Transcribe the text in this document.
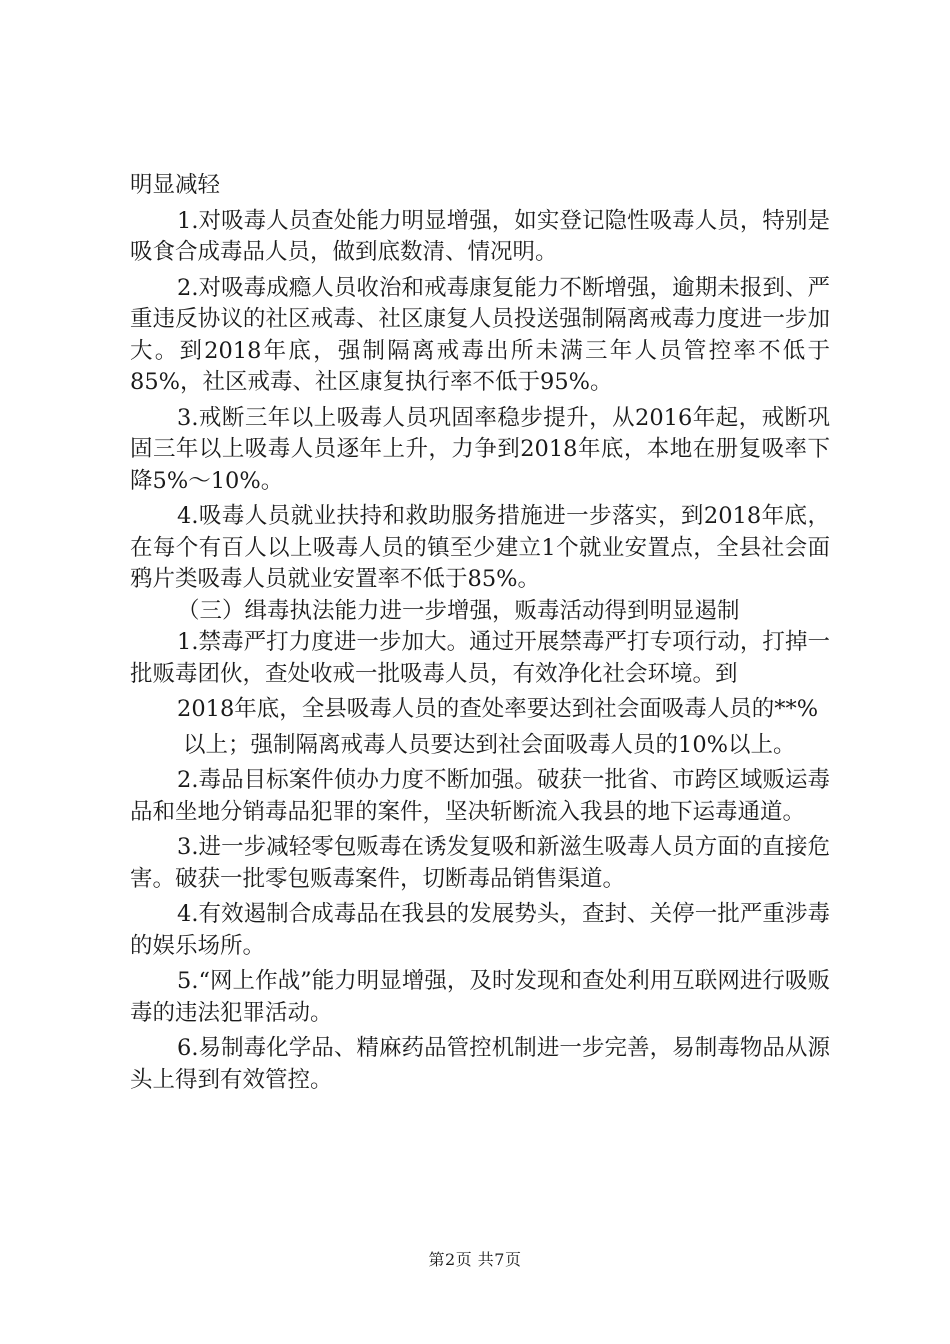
明显减轻

1.对吸毒人员查处能力明显增强，如实登记隐性吸毒人员，特别是吸食合成毒品人员，做到底数清、情况明。

2.对吸毒成瘾人员收治和戒毒康复能力不断增强，逾期未报到、严重违反协议的社区戒毒、社区康复人员投送强制隔离戒毒力度进一步加大。到2018年底，强制隔离戒毒出所未满三年人员管控率不低于85%，社区戒毒、社区康复执行率不低于95%。

3.戒断三年以上吸毒人员巩固率稳步提升，从2016年起，戒断巩固三年以上吸毒人员逐年上升，力争到2018年底，本地在册复吸率下降5%～10%。

4.吸毒人员就业扶持和救助服务措施进一步落实，到2018年底，在每个有百人以上吸毒人员的镇至少建立1个就业安置点，全县社会面鸦片类吸毒人员就业安置率不低于85%。

（三）缉毒执法能力进一步增强，贩毒活动得到明显遏制

1.禁毒严打力度进一步加大。通过开展禁毒严打专项行动，打掉一批贩毒团伙，查处收戒一批吸毒人员，有效净化社会环境。到

2018年底，全县吸毒人员的查处率要达到社会面吸毒人员的**%

以上；强制隔离戒毒人员要达到社会面吸毒人员的10%以上。

2.毒品目标案件侦办力度不断加强。破获一批省、市跨区域贩运毒品和坐地分销毒品犯罪的案件，坚决斩断流入我县的地下运毒通道。

3.进一步减轻零包贩毒在诱发复吸和新滋生吸毒人员方面的直接危害。破获一批零包贩毒案件，切断毒品销售渠道。

4.有效遏制合成毒品在我县的发展势头，查封、关停一批严重涉毒的娱乐场所。

5.“网上作战”能力明显增强，及时发现和查处利用互联网进行吸贩毒的违法犯罪活动。

6.易制毒化学品、精麻药品管控机制进一步完善，易制毒物品从源头上得到有效管控。

第2页 共7页
